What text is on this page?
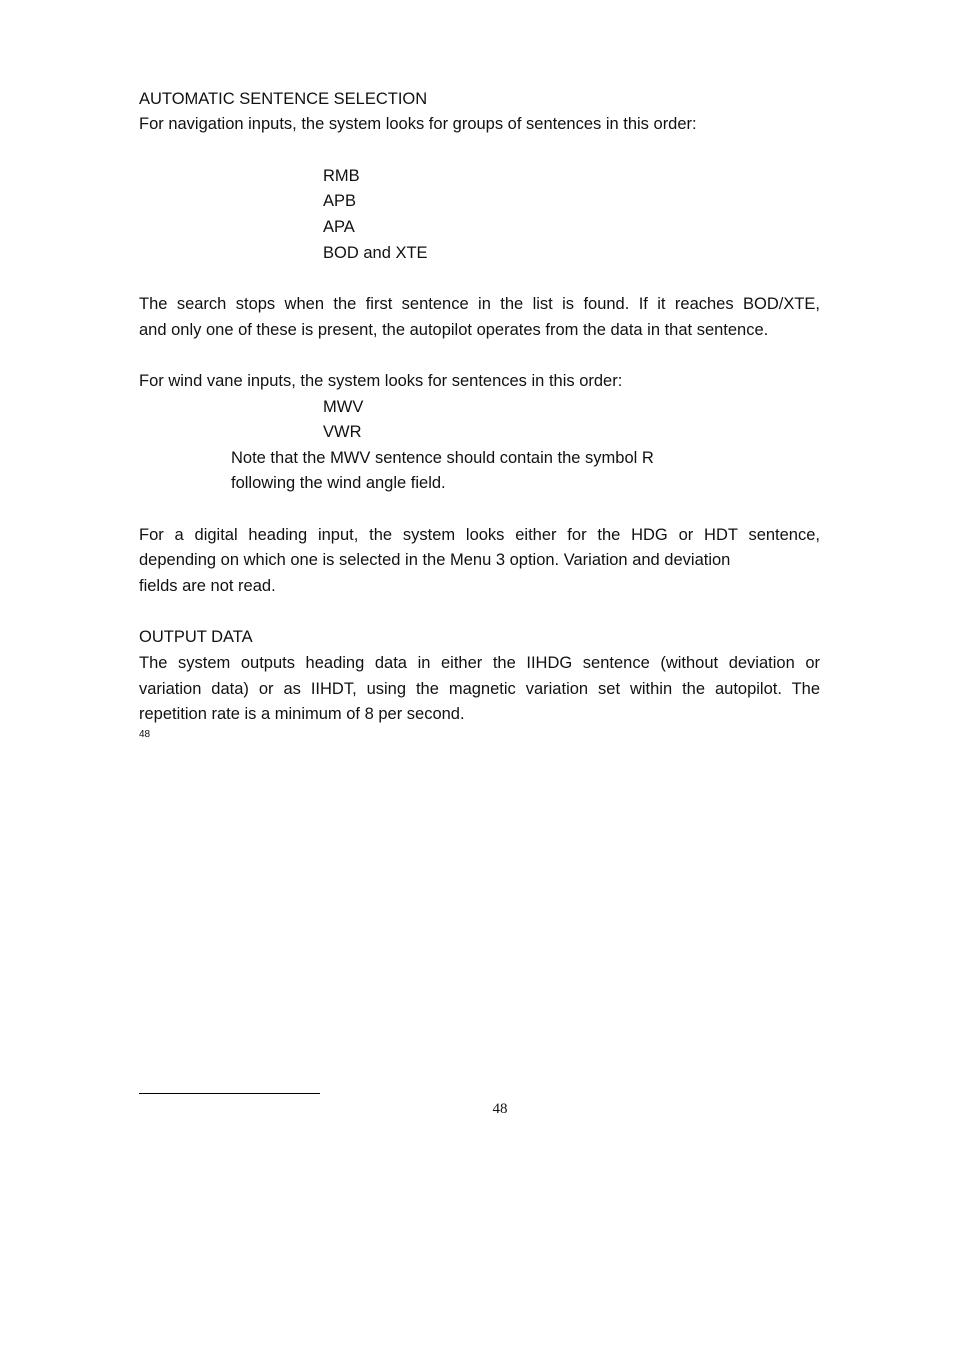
AUTOMATIC SENTENCE SELECTION
For navigation inputs, the system looks for groups of sentences in this order:
RMB
APB
APA
BOD and XTE
The search stops when the first sentence in the list is found. If it reaches BOD/XTE,
and only one of these is present, the autopilot operates from the data in that sentence.
For wind vane inputs, the system looks for sentences in this order:
MWV
VWR
Note that the MWV sentence should contain the symbol R
following the wind angle field.
For a digital heading input, the system looks either for the HDG or HDT sentence,
depending on which one is selected in the Menu 3 option. Variation and deviation
fields are not read.
OUTPUT DATA
The system outputs heading data in either the IIHDG sentence (without deviation or
variation data) or as IIHDT, using the magnetic variation set within the autopilot. The
repetition rate is a minimum of 8 per second.
48
48
